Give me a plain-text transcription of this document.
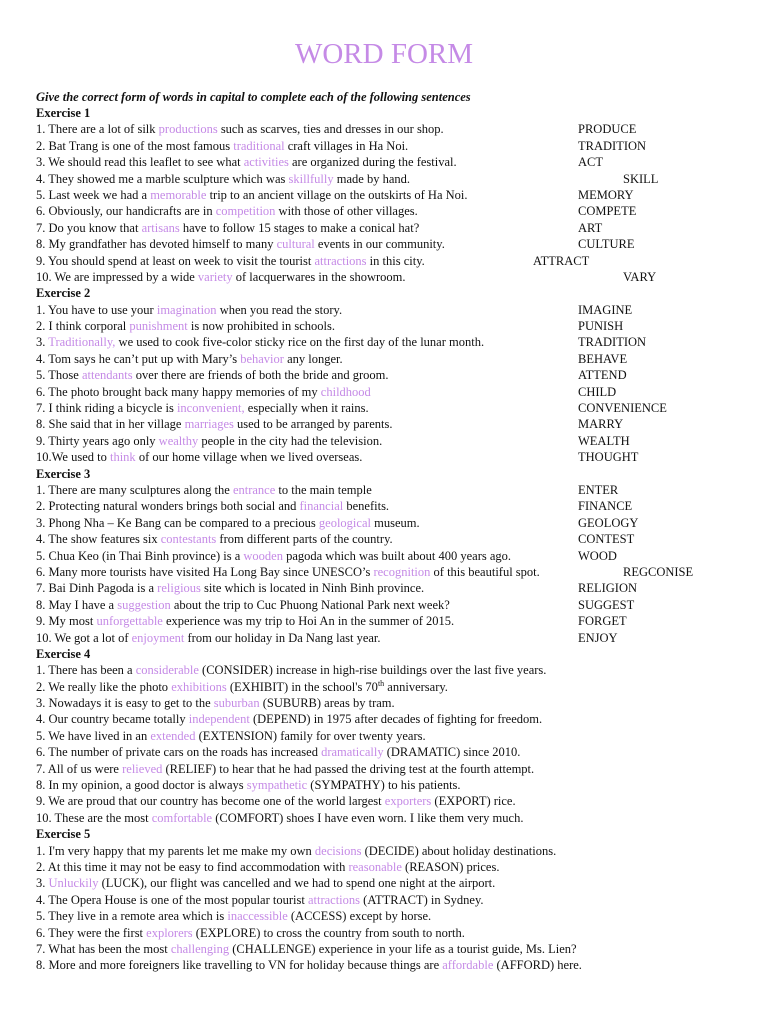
WORD FORM
Give the correct form of words in capital to complete each of the following sentences
Exercise 1
1. There are a lot of silk productions such as scarves, ties and dresses in our shop.	PRODUCE
2. Bat Trang is one of the most famous traditional craft villages in Ha Noi.	TRADITION
3. We should read this leaflet to see what activities are organized during the festival.	ACT
4. They showed me a marble sculpture which was skillfully made by hand.	SKILL
5. Last week we had a memorable trip to an ancient village on the outskirts of Ha Noi.	MEMORY
6. Obviously, our handicrafts are in competition with those of other villages.	COMPETE
7. Do you know that artisans have to follow 15 stages to make a conical hat?	ART
8. My grandfather has devoted himself to many cultural events in our community.	CULTURE
9. You should spend at least on week to visit the tourist attractions in this city.	ATTRACT
10. We are impressed by a wide variety of lacquerwares in the showroom.	VARY
Exercise 2
1. You have to use your imagination when you read the story.	IMAGINE
2. I think corporal punishment is now prohibited in schools.	PUNISH
3. Traditionally, we used to cook five-color sticky rice on the first day of the lunar month.	TRADITION
4. Tom says he can’t put up with Mary’s behavior any longer.	BEHAVE
5. Those attendants over there are friends of both the bride and groom.	ATTEND
6. The photo brought back many happy memories of my childhood	CHILD
7. I think riding a bicycle is inconvenient, especially when it rains.	CONVENIENCE
8. She said that in her village marriages used to be arranged by parents.	MARRY
9. Thirty years ago only wealthy people in the city had the television.	WEALTH
10.We used to think of our home village when we lived overseas.	THOUGHT
Exercise 3
1. There are many sculptures along the entrance to the main temple	ENTER
2. Protecting natural wonders brings both social and financial benefits.	FINANCE
3. Phong Nha – Ke Bang can be compared to a precious geological museum.	GEOLOGY
4. The show features six contestants from different parts of the country.	CONTEST
5. Chua Keo (in Thai Binh province) is a wooden pagoda which was built about 400 years ago.	WOOD
6. Many more tourists have visited Ha Long Bay since UNESCO’s recognition of this beautiful spot.	REGCONISE
7. Bai Dinh Pagoda is a religious site which is located in Ninh Binh province.	RELIGION
8. May I have a suggestion about the trip to Cuc Phuong National Park next week?	SUGGEST
9. My most unforgettable experience was my trip to Hoi An in the summer of 2015.	FORGET
10. We got a lot of enjoyment from our holiday in Da Nang last year.	ENJOY
Exercise 4
1. There has been a considerable (CONSIDER) increase in high-rise buildings over the last five years.
2. We really like the photo exhibitions (EXHIBIT) in the school's 70th anniversary.
3. Nowadays it is easy to get to the suburban (SUBURB) areas by tram.
4. Our country became totally independent (DEPEND) in 1975 after decades of fighting for freedom.
5. We have lived in an extended (EXTENSION) family for over twenty years.
6. The number of private cars on the roads has increased dramatically (DRAMATIC) since 2010.
7. All of us were relieved (RELIEF) to hear that he had passed the driving test at the fourth attempt.
8. In my opinion, a good doctor is always sympathetic (SYMPATHY) to his patients.
9. We are proud that our country has become one of the world largest exporters (EXPORT) rice.
10. These are the most comfortable (COMFORT) shoes I have even worn. I like them very much.
Exercise 5
1. I'm very happy that my parents let me make my own decisions (DECIDE) about holiday destinations.
2. At this time it may not be easy to find accommodation with reasonable (REASON) prices.
3. Unluckily (LUCK), our flight was cancelled and we had to spend one night at the airport.
4. The Opera House is one of the most popular tourist attractions (ATTRACT) in Sydney.
5. They live in a remote area which is inaccessible (ACCESS) except by horse.
6. They were the first explorers (EXPLORE) to cross the country from south to north.
7. What has been the most challenging (CHALLENGE) experience in your life as a tourist guide, Ms. Lien?
8. More and more foreigners like travelling to VN for holiday because things are affordable (AFFORD) here.
